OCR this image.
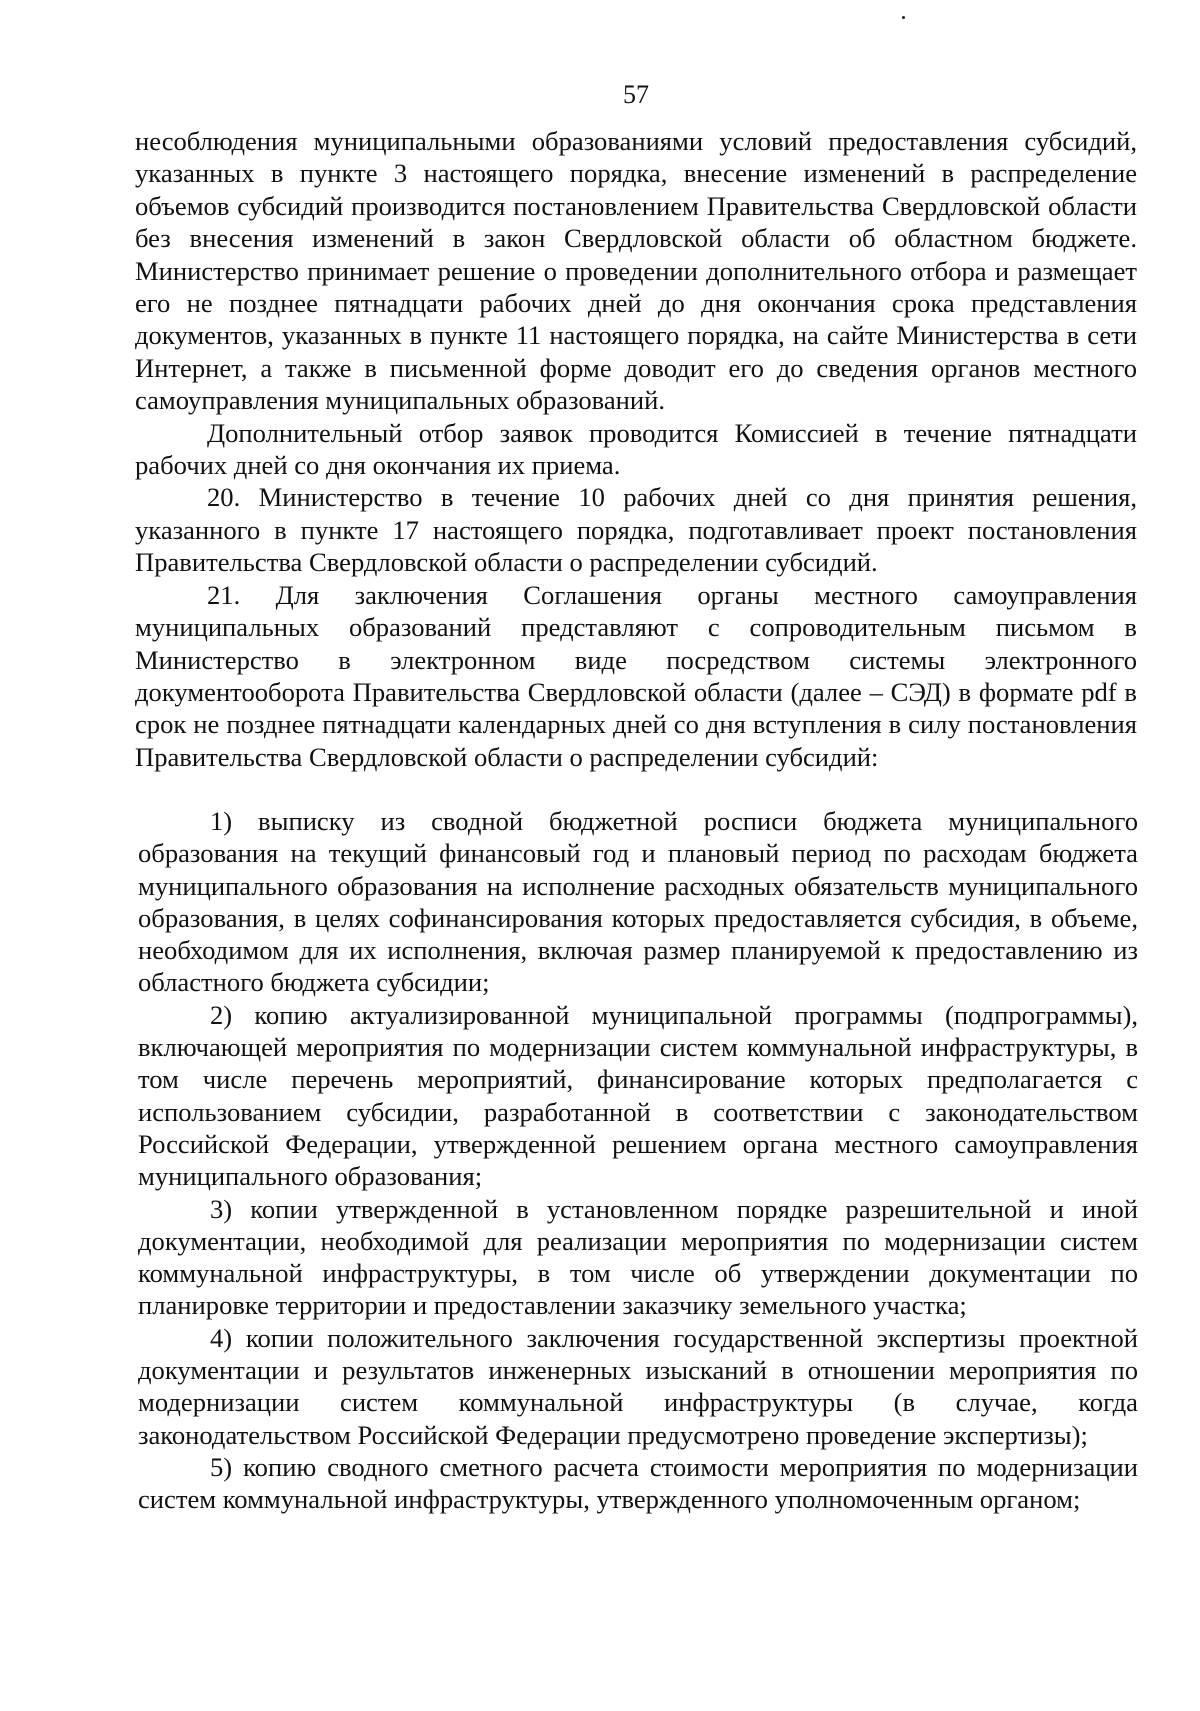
57

несоблюдения муниципальными образованиями условий предоставления субсидий, указанных в пункте 3 настоящего порядка, внесение изменений в распределение объемов субсидий производится постановлением Правительства Свердловской области без внесения изменений в закон Свердловской области об областном бюджете. Министерство принимает решение о проведении дополнительного отбора и размещает его не позднее пятнадцати рабочих дней до дня окончания срока представления документов, указанных в пункте 11 настоящего порядка, на сайте Министерства в сети Интернет, а также в письменной форме доводит его до сведения органов местного самоуправления муниципальных образований.

Дополнительный отбор заявок проводится Комиссией в течение пятнадцати рабочих дней со дня окончания их приема.

20. Министерство в течение 10 рабочих дней со дня принятия решения, указанного в пункте 17 настоящего порядка, подготавливает проект постановления Правительства Свердловской области о распределении субсидий.

21. Для заключения Соглашения органы местного самоуправления муниципальных образований представляют с сопроводительным письмом в Министерство в электронном виде посредством системы электронного документооборота Правительства Свердловской области (далее – СЭД) в формате pdf в срок не позднее пятнадцати календарных дней со дня вступления в силу постановления Правительства Свердловской области о распределении субсидий:

1) выписку из сводной бюджетной росписи бюджета муниципального образования на текущий финансовый год и плановый период по расходам бюджета муниципального образования на исполнение расходных обязательств муниципального образования, в целях софинансирования которых предоставляется субсидия, в объеме, необходимом для их исполнения, включая размер планируемой к предоставлению из областного бюджета субсидии;

2) копию актуализированной муниципальной программы (подпрограммы), включающей мероприятия по модернизации систем коммунальной инфраструктуры, в том числе перечень мероприятий, финансирование которых предполагается с использованием субсидии, разработанной в соответствии с законодательством Российской Федерации, утвержденной решением органа местного самоуправления муниципального образования;

3) копии утвержденной в установленном порядке разрешительной и иной документации, необходимой для реализации мероприятия по модернизации систем коммунальной инфраструктуры, в том числе об утверждении документации по планировке территории и предоставлении заказчику земельного участка;

4) копии положительного заключения государственной экспертизы проектной документации и результатов инженерных изысканий в отношении мероприятия по модернизации систем коммунальной инфраструктуры (в случае, когда законодательством Российской Федерации предусмотрено проведение экспертизы);

5) копию сводного сметного расчета стоимости мероприятия по модернизации систем коммунальной инфраструктуры, утвержденного уполномоченным органом;
